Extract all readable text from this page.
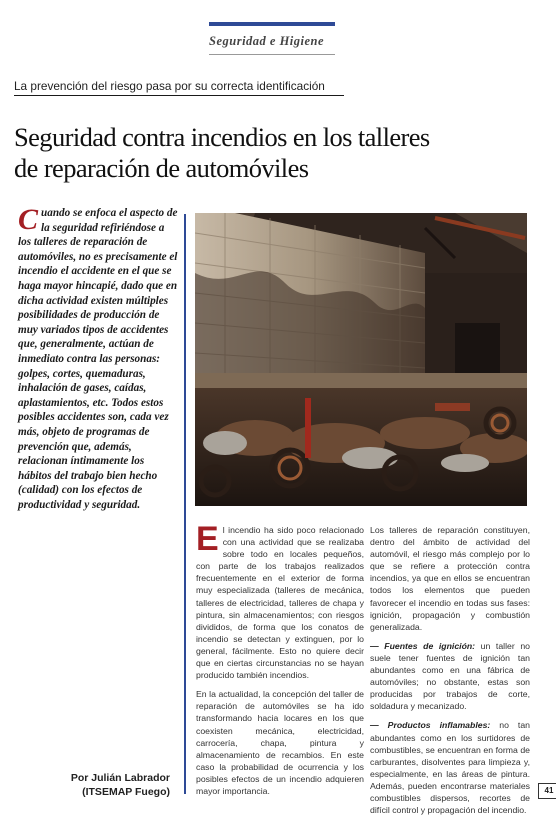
Seguridad e Higiene
La prevención del riesgo pasa por su correcta identificación
Seguridad contra incendios en los talleres
de reparación de automóviles
C uando se enfoca el aspecto de la seguridad refiriéndose a los talleres de reparación de automóviles, no es precisamente el incendio el accidente en el que se haga mayor hincapié, dado que en dicha actividad existen múltiples posibilidades de producción de muy variados tipos de accidentes que, generalmente, actúan de inmediato contra las personas: golpes, cortes, quemaduras, inhalación de gases, caídas, aplastamientos, etc. Todos estos posibles accidentes son, cada vez más, objeto de programas de prevención que, además, relacionan íntimamente los hábitos del trabajo bien hecho (calidad) con los efectos de productividad y seguridad.

El incendio ha sido poco relacionado con una actividad que se realizaba sobre todo en locales pequeños, con parte de los trabajos realizados frecuentemente en el exterior de forma muy especializada (talleres de mecánica, talleres de electricidad, talleres de chapa y pintura, sin almacenamientos; con riesgos divididos, de forma que los conatos de incendio se detectan y extinguen, por lo general, fácilmente. Esto no quiere decir que en ciertas circunstancias no se hayan producido también incendios.

En la actualidad, la concepción del taller de reparación de automóviles se ha ido transformando hacia locares en los que coexisten mecánica, electricidad, carrocería, chapa, pintura y almacenamiento de recambios. En este caso la probabilidad de ocurrencia y los posibles efectos de un incendio adquieren mayor importancia.

Los talleres de reparación constituyen, dentro del ámbito de actividad del automóvil, el riesgo más complejo por lo que se refiere a protección contra incendios, ya que en ellos se encuentran todos los elementos que pueden favorecer el incendio en todas sus fases: ignición, propagación y combustión generalizada.

— Fuentes de ignición: un taller no suele tener fuentes de ignición tan abundantes como en una fábrica de automóviles; no obstante, estas son producidas por trabajos de corte, soldadura y mecanizado.

— Productos inflamables: no tan abundantes como en los surtidores de combustibles, se encuentran en forma de carburantes, disolventes para limpieza y, especialmente, en las áreas de pintura. Además, pueden encontrarse materiales combustibles dispersos, recortes de difícil control y propagación del incendio.

Por Julián Labrador
(ITSEMAP Fuego)	41
